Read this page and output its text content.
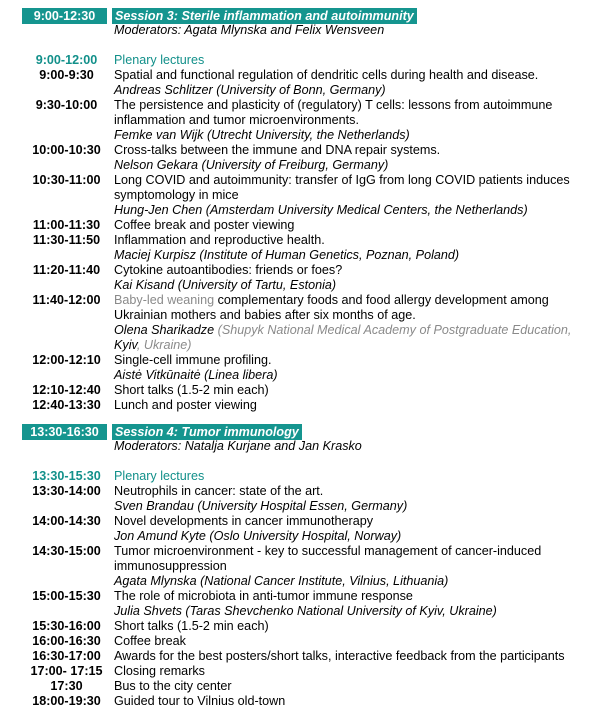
9:00-12:30	Session 3: Sterile inflammation and autoimmunity
Moderators: Agata Mlynska and Felix Wensveen
9:00-12:00	Plenary lectures
9:00-9:30	Spatial and functional regulation of dendritic cells during health and disease.
Andreas Schlitzer (University of Bonn, Germany)
9:30-10:00	The persistence and plasticity of (regulatory) T cells: lessons from autoimmune
inflammation and tumor microenvironments.
Femke van Wijk (Utrecht University, the Netherlands)
10:00-10:30	Cross-talks between the immune and DNA repair systems.
Nelson Gekara (University of Freiburg, Germany)
10:30-11:00	Long COVID and autoimmunity: transfer of IgG from long COVID patients induces
symptomology in mice
Hung-Jen Chen (Amsterdam University Medical Centers, the Netherlands)
11:00-11:30	Coffee break and poster viewing
11:30-11:50	Inflammation and reproductive health.
Maciej Kurpisz (Institute of Human Genetics, Poznan, Poland)
11:20-11:40	Cytokine autoantibodies: friends or foes?
Kai Kisand (University of Tartu, Estonia)
11:40-12:00	Baby-led weaning complementary foods and food allergy development among
Ukrainian mothers and babies after six months of age.
Olena Sharikadze (Shupyk National Medical Academy of Postgraduate Education,
Kyiv, Ukraine)
12:00-12:10	Single-cell immune profiling.
Aistė Vitkūnaitė (Linea libera)
12:10-12:40	Short talks (1.5-2 min each)
12:40-13:30	Lunch and poster viewing
13:30-16:30	Session 4: Tumor immunology
Moderators: Natalja Kurjane and Jan Krasko
13:30-15:30	Plenary lectures
13:30-14:00	Neutrophils in cancer: state of the art.
Sven Brandau (University Hospital Essen, Germany)
14:00-14:30	Novel developments in cancer immunotherapy
Jon Amund Kyte (Oslo University Hospital, Norway)
14:30-15:00	Tumor microenvironment - key to successful management of cancer-induced
immunosuppression
Agata Mlynska (National Cancer Institute, Vilnius, Lithuania)
15:00-15:30	The role of microbiota in anti-tumor immune response
Julia Shvets (Taras Shevchenko National University of Kyiv, Ukraine)
15:30-16:00	Short talks (1.5-2 min each)
16:00-16:30	Coffee break
16:30-17:00	Awards for the best posters/short talks, interactive feedback from the participants
17:00- 17:15 Closing remarks
17:30	Bus to the city center
18:00-19:30	Guided tour to Vilnius old-town
